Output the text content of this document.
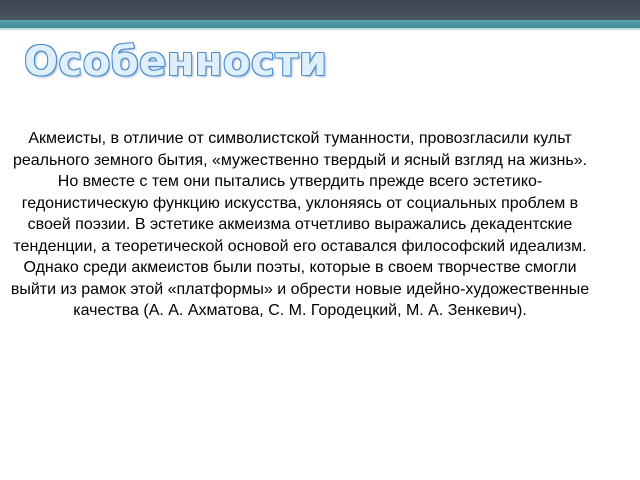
Особенности

Акмеисты, в отличие от символистской туманности, провозгласили культ реального земного бытия, «мужественно твердый и ясный взгляд на жизнь». Но вместе с тем они пытались утвердить прежде всего эстетико-гедонистическую функцию искусства, уклоняясь от социальных проблем в своей поэзии. В эстетике акмеизма отчетливо выражались декадентские тенденции, а теоретической основой его оставался философский идеализм. Однако среди акмеистов были поэты, которые в своем творчестве смогли выйти из рамок этой «платформы» и обрести новые идейно-художественные качества (А. А. Ахматова, С. М. Городецкий, М. А. Зенкевич).
